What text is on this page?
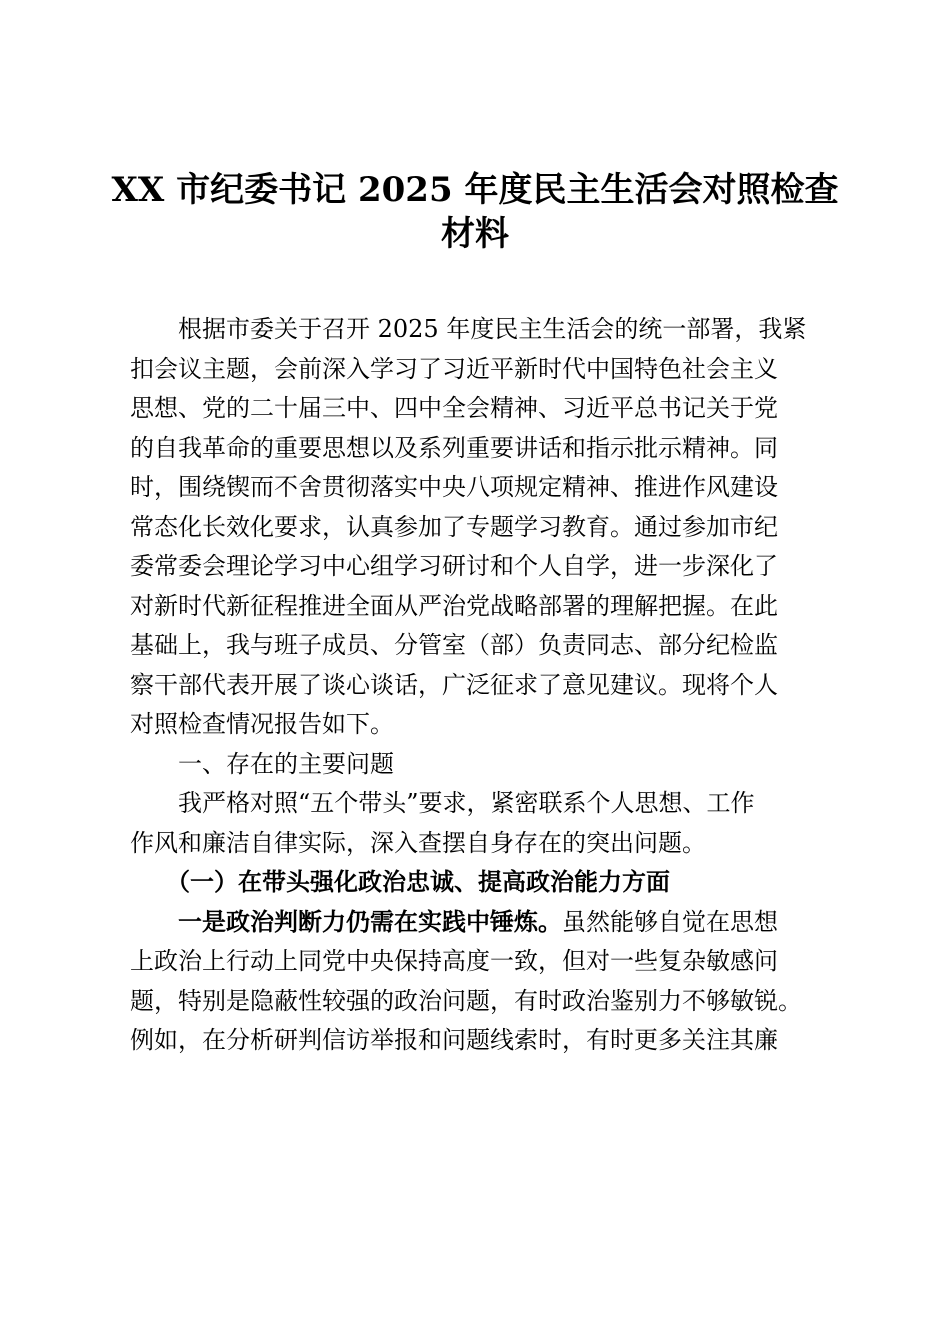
XX 市纪委书记 2025 年度民主生活会对照检查
材料
根据市委关于召开 2025 年度民主生活会的统一部署，我紧
扣会议主题，会前深入学习了习近平新时代中国特色社会主义
思想、党的二十届三中、四中全会精神、习近平总书记关于党
的自我革命的重要思想以及系列重要讲话和指示批示精神。同
时，围绕锲而不舍贯彻落实中央八项规定精神、推进作风建设
常态化长效化要求，认真参加了专题学习教育。通过参加市纪
委常委会理论学习中心组学习研讨和个人自学，进一步深化了
对新时代新征程推进全面从严治党战略部署的理解把握。在此
基础上，我与班子成员、分管室（部）负责同志、部分纪检监
察干部代表开展了谈心谈话，广泛征求了意见建议。现将个人
对照检查情况报告如下。
一、存在的主要问题
我严格对照“五个带头”要求，紧密联系个人思想、工作
作风和廉洁自律实际，深入查摆自身存在的突出问题。
（一）在带头强化政治忠诚、提高政治能力方面
一是政治判断力仍需在实践中锤炼。虽然能够自觉在思想
上政治上行动上同党中央保持高度一致，但对一些复杂敏感问
题，特别是隐蔽性较强的政治问题，有时政治鉴别力不够敏锐。
例如，在分析研判信访举报和问题线索时，有时更多关注其廉
